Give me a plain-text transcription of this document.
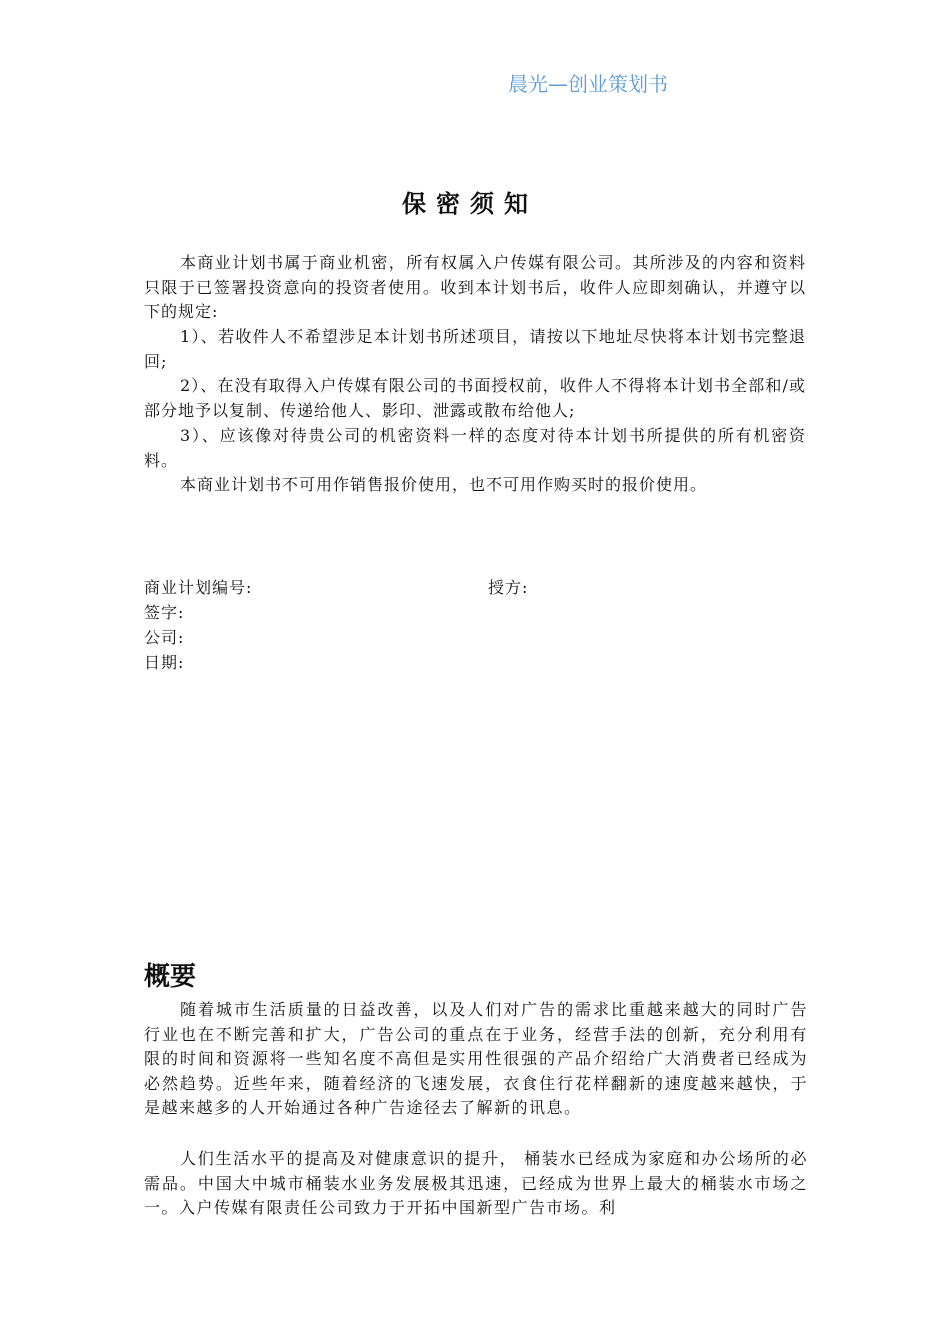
晨光—创业策划书
保密须知
本商业计划书属于商业机密，所有权属入户传媒有限公司。其所涉及的内容和资料只限于已签署投资意向的投资者使用。收到本计划书后，收件人应即刻确认，并遵守以下的规定:
1）、若收件人不希望涉足本计划书所述项目，请按以下地址尽快将本计划书完整退回;
2）、在没有取得入户传媒有限公司的书面授权前，收件人不得将本计划书全部和/或部分地予以复制、传递给他人、影印、泄露或散布给他人;
3）、应该像对待贵公司的机密资料一样的态度对待本计划书所提供的所有机密资料。
本商业计划书不可用作销售报价使用，也不可用作购买时的报价使用。
商业计划编号:	授方:
签字:
公司:
日期:
概要
随着城市生活质量的日益改善，以及人们对广告的需求比重越来越大的同时广告行业也在不断完善和扩大，广告公司的重点在于业务，经营手法的创新，充分利用有限的时间和资源将一些知名度不高但是实用性很强的产品介绍给广大消费者已经成为必然趋势。近些年来，随着经济的飞速发展，衣食住行花样翻新的速度越来越快，于是越来越多的人开始通过各种广告途径去了解新的讯息。
人们生活水平的提高及对健康意识的提升， 桶装水已经成为家庭和办公场所的必需品。中国大中城市桶装水业务发展极其迅速，已经成为世界上最大的桶装水市场之一。入户传媒有限责任公司致力于开拓中国新型广告市场。利
